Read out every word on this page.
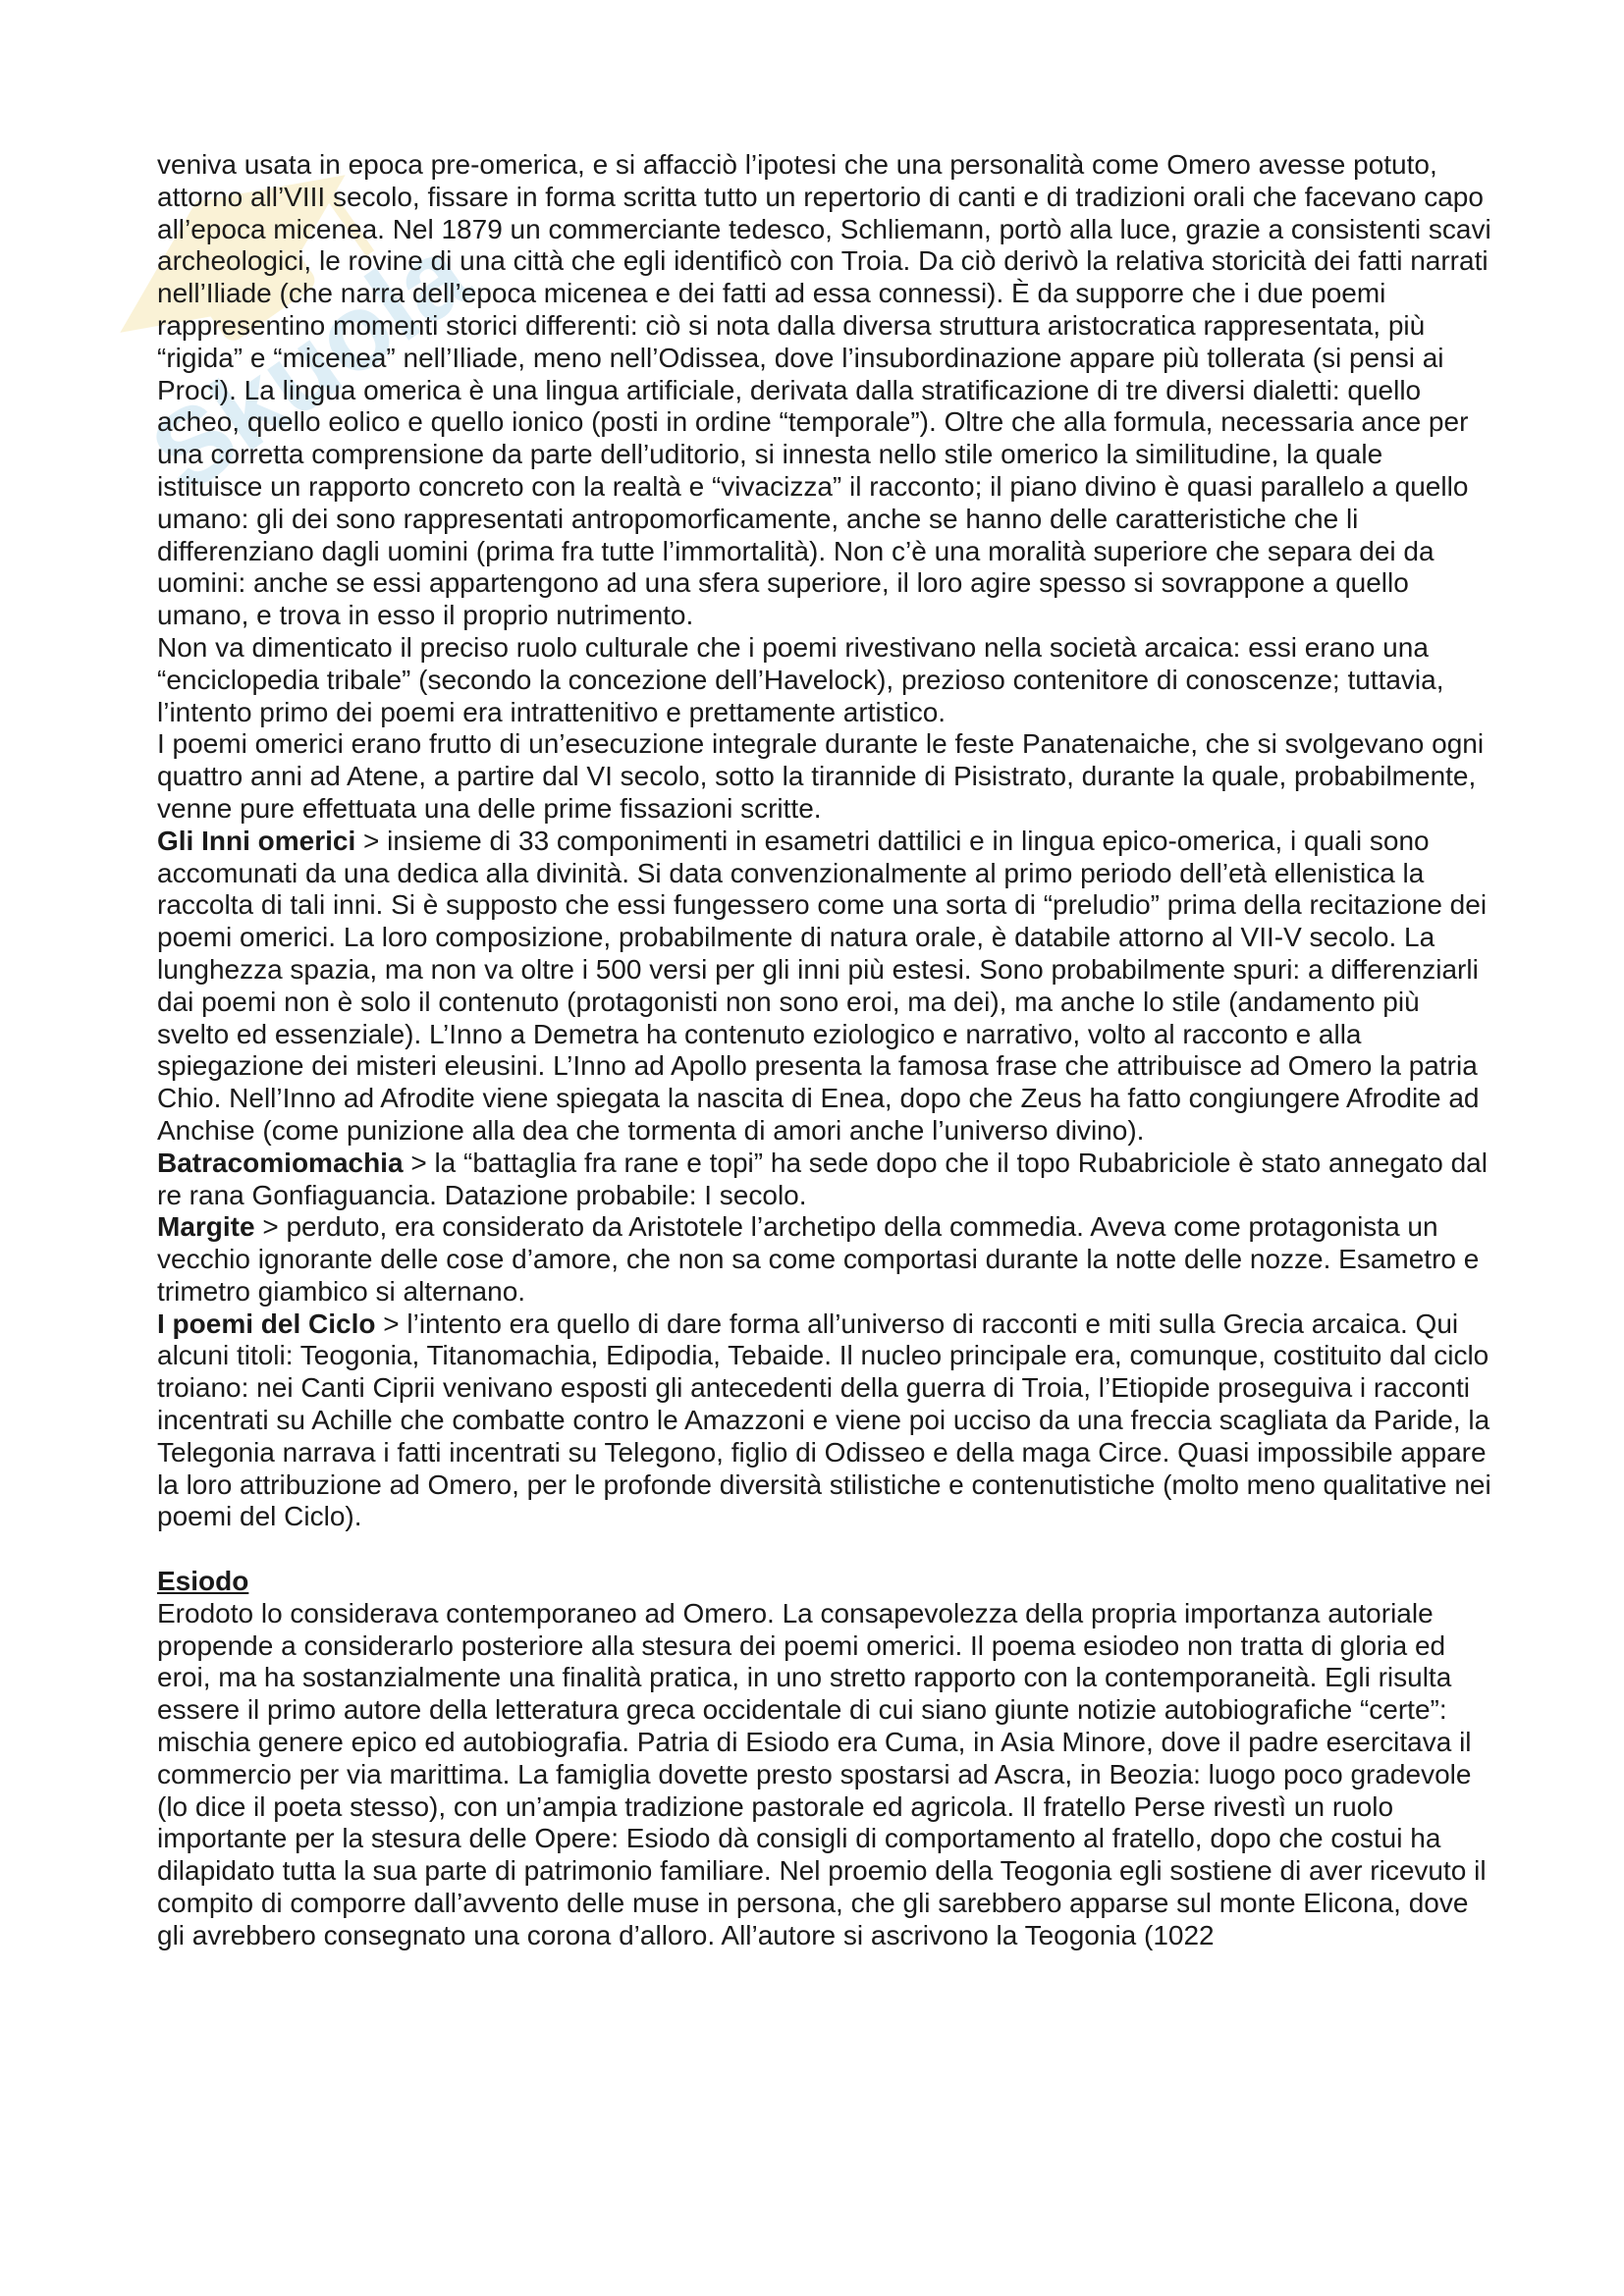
Skuola

veniva usata in epoca pre-omerica, e si affacciò l’ipotesi che una personalità come Omero avesse potuto, attorno all’VIII secolo, fissare in forma scritta tutto un repertorio di canti e di tradizioni orali che facevano capo all’epoca micenea. Nel 1879 un commerciante tedesco, Schliemann, portò alla luce, grazie a consistenti scavi archeologici, le rovine di una città che egli identificò con Troia. Da ciò derivò la relativa storicità dei fatti narrati nell’Iliade (che narra dell’epoca micenea e dei fatti ad essa connessi). È da supporre che i due poemi rappresentino momenti storici differenti: ciò si nota dalla diversa struttura aristocratica rappresentata, più “rigida” e “micenea” nell’Iliade, meno nell’Odissea, dove l’insubordinazione appare più tollerata (si pensi ai Proci). La lingua omerica è una lingua artificiale, derivata dalla stratificazione di tre diversi dialetti: quello acheo, quello eolico e quello ionico (posti in ordine “temporale”). Oltre che alla formula, necessaria ance per una corretta comprensione da parte dell’uditorio, si innesta nello stile omerico la similitudine, la quale istituisce un rapporto concreto con la realtà e “vivacizza” il racconto; il piano divino è quasi parallelo a quello umano: gli dei sono rappresentati antropomorficamente, anche se hanno delle caratteristiche che li differenziano dagli uomini (prima fra tutte l’immortalità). Non c’è una moralità superiore che separa dei da uomini: anche se essi appartengono ad una sfera superiore, il loro agire spesso si sovrappone a quello umano, e trova in esso il proprio nutrimento.

Non va dimenticato il preciso ruolo culturale che i poemi rivestivano nella società arcaica: essi erano una “enciclopedia tribale” (secondo la concezione dell’Havelock), prezioso contenitore di conoscenze; tuttavia, l’intento primo dei poemi era intrattenitivo e prettamente artistico.

I poemi omerici erano frutto di un’esecuzione integrale durante le feste Panatenaiche, che si svolgevano ogni quattro anni ad Atene, a partire dal VI secolo, sotto la tirannide di Pisistrato, durante la quale, probabilmente, venne pure effettuata una delle prime fissazioni scritte.

Gli Inni omerici > insieme di 33 componimenti in esametri dattilici e in lingua epico-omerica, i quali sono accomunati da una dedica alla divinità. Si data convenzionalmente al primo periodo dell’età ellenistica la raccolta di tali inni. Si è supposto che essi fungessero come una sorta di “preludio” prima della recitazione dei poemi omerici. La loro composizione, probabilmente di natura orale, è databile attorno al VII-V secolo. La lunghezza spazia, ma non va oltre i 500 versi per gli inni più estesi. Sono probabilmente spuri: a differenziarli dai poemi non è solo il contenuto (protagonisti non sono eroi, ma dei), ma anche lo stile (andamento più svelto ed essenziale). L’Inno a Demetra ha contenuto eziologico e narrativo, volto al racconto e alla spiegazione dei misteri eleusini. L’Inno ad Apollo presenta la famosa frase che attribuisce ad Omero la patria Chio. Nell’Inno ad Afrodite viene spiegata la nascita di Enea, dopo che Zeus ha fatto congiungere Afrodite ad Anchise (come punizione alla dea che tormenta di amori anche l’universo divino).

Batracomiomachia > la “battaglia fra rane e topi” ha sede dopo che il topo Rubabriciole è stato annegato dal re rana Gonfiaguancia. Datazione probabile: I secolo.

Margite > perduto, era considerato da Aristotele l’archetipo della commedia. Aveva come protagonista un vecchio ignorante delle cose d’amore, che non sa come comportasi durante la notte delle nozze. Esametro e trimetro giambico si alternano.

I poemi del Ciclo > l’intento era quello di dare forma all’universo di racconti e miti sulla Grecia arcaica. Qui alcuni titoli: Teogonia, Titanomachia, Edipodia, Tebaide. Il nucleo principale era, comunque, costituito dal ciclo troiano: nei Canti Ciprii venivano esposti gli antecedenti della guerra di Troia, l’Etiopide proseguiva i racconti incentrati su Achille che combatte contro le Amazzoni e viene poi ucciso da una freccia scagliata da Paride, la Telegonia narrava i fatti incentrati su Telegono, figlio di Odisseo e della maga Circe. Quasi impossibile appare la loro attribuzione ad Omero, per le profonde diversità stilistiche e contenutistiche (molto meno qualitative nei poemi del Ciclo).

Esiodo

Erodoto lo considerava contemporaneo ad Omero. La consapevolezza della propria importanza autoriale propende a considerarlo posteriore alla stesura dei poemi omerici. Il poema esiodeo non tratta di gloria ed eroi, ma ha sostanzialmente una finalità pratica, in uno stretto rapporto con la contemporaneità. Egli risulta essere il primo autore della letteratura greca occidentale di cui siano giunte notizie autobiografiche “certe”: mischia genere epico ed autobiografia. Patria di Esiodo era Cuma, in Asia Minore, dove il padre esercitava il commercio per via marittima. La famiglia dovette presto spostarsi ad Ascra, in Beozia: luogo poco gradevole (lo dice il poeta stesso), con un’ampia tradizione pastorale ed agricola. Il fratello Perse rivestì un ruolo importante per la stesura delle Opere: Esiodo dà consigli di comportamento al fratello, dopo che costui ha dilapidato tutta la sua parte di patrimonio familiare. Nel proemio della Teogonia egli sostiene di aver ricevuto il compito di comporre dall’avvento delle muse in persona, che gli sarebbero apparse sul monte Elicona, dove gli avrebbero consegnato una corona d’alloro. All’autore si ascrivono la Teogonia (1022
